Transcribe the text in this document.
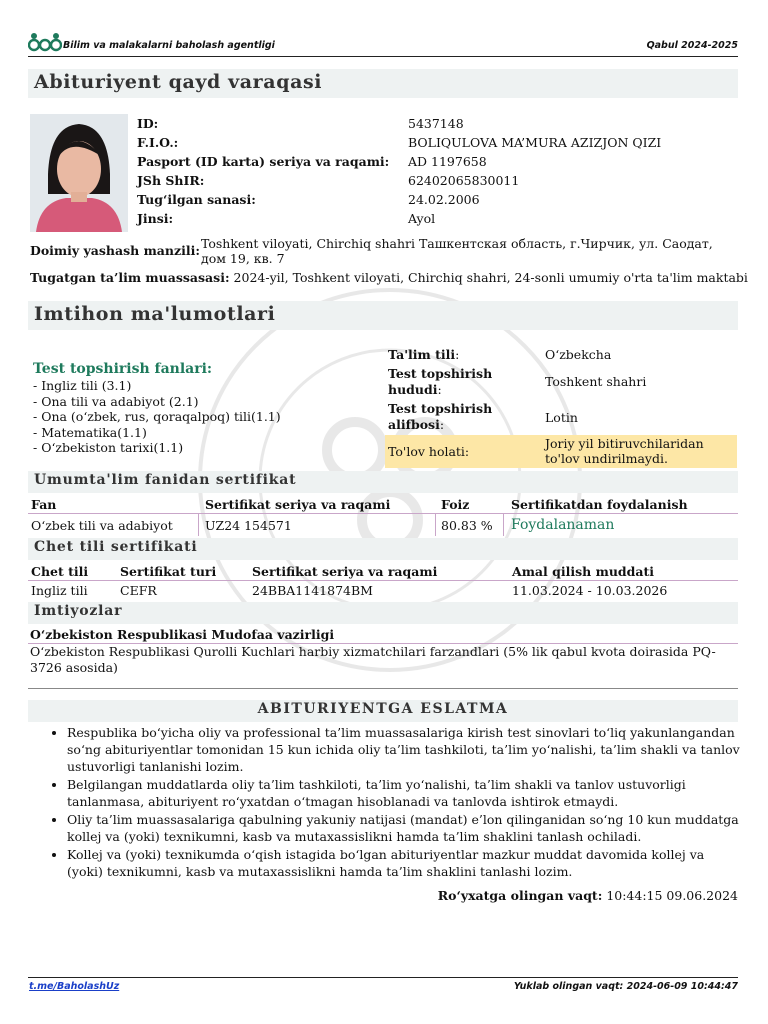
Bilim va malakalarni baholash agentligi	Qabul 2024-2025
Abituriyent qayd varaqasi
ID:	5437148
F.I.O.:	BOLIQULOVA MA’MURA AZIZJON QIZI
Pasport (ID karta) seriya va raqami: AD 1197658
JSh ShIR:	62402065830011
Tug‘ilgan sanasi:	24.02.2006
Jinsi:	Ayol
Doimiy yashash manzili: Toshkent viloyati, Chirchiq shahri Ташкентская область, г.Чирчик, ул. Саодат, дом 19, кв. 7
Tugatgan ta’lim muassasasi: 2024-yil, Toshkent viloyati, Chirchiq shahri, 24-sonli umumiy o'rta ta'lim maktabi
Imtihon ma'lumotlari
Test topshirish fanlari:
- Ingliz tili (3.1)
- Ona tili va adabiyot (2.1)
- Ona (o‘zbek, rus, qoraqalpoq) tili(1.1)
- Matematika(1.1)
- O‘zbekiston tarixi(1.1)
Ta'lim tili:	O‘zbekcha
Test topshirish
hududi:
Toshkent shahri
Test topshirish
alifbosi:	Lotin
To'lov holati:
Joriy yil bitiruvchilaridan
to'lov undirilmaydi.
Umumta'lim fanidan sertifikat
Fan	Sertifikat seriya va raqami	Foiz	Sertifikatdan foydalanish
O‘zbek tili va adabiyot	UZ24 154571	80.83 % Foydalanaman
Chet tili sertifikati
Chet tili	Sertifikat turi	Sertifikat seriya va raqami	Amal qilish muddati
Ingliz tili	CEFR	24BBA1141874BM	11.03.2024 - 10.03.2026
Imtiyozlar
O‘zbekiston Respublikasi Mudofaa vazirligi
O‘zbekiston Respublikasi Qurolli Kuchlari harbiy xizmatchilari farzandlari (5% lik qabul kvota doirasida PQ-3726 asosida)
ABITURIYENTGA ESLATMA
• Respublika bo‘yicha oliy va professional ta’lim muassasalariga kirish test sinovlari to‘liq yakunlangandan so‘ng abituriyentlar tomonidan 15 kun ichida oliy ta’lim tashkiloti, ta’lim yo‘nalishi, ta’lim shakli va tanlov ustuvorligi tanlanishi lozim.
• Belgilangan muddatlarda oliy ta’lim tashkiloti, ta’lim yo‘nalishi, ta’lim shakli va tanlov ustuvorligi tanlanmasa, abituriyent ro‘yxatdan o‘tmagan hisoblanadi va tanlovda ishtirok etmaydi.
• Oliy ta’lim muassasalariga qabulning yakuniy natijasi (mandat) e’lon qilinganidan so‘ng 10 kun muddatga kollej va (yoki) texnikumni, kasb va mutaxassislikni hamda ta’lim shaklini tanlash ochiladi.
• Kollej va (yoki) texnikumda o‘qish istagida bo‘lgan abituriyentlar mazkur muddat davomida kollej va (yoki) texnikumni, kasb va mutaxassislikni hamda ta’lim shaklini tanlashi lozim.
Ro‘yxatga olingan vaqt: 10:44:15 09.06.2024
t.me/BaholashUz	Yuklab olingan vaqt: 2024-06-09 10:44:47
